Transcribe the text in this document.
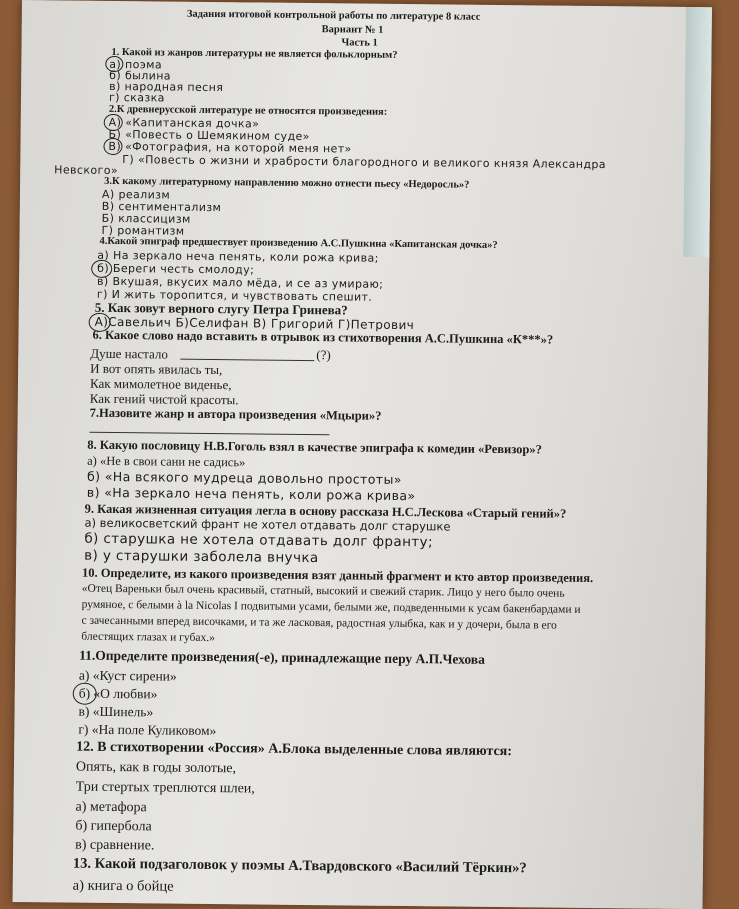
Задания итоговой контрольной работы по литературе 8 класс
Вариант № 1
Часть 1
1. Какой из жанров литературы не является фольклорным?
а) поэма
б) былина
в) народная песня
г) сказка
2.К древнерусской литературе не относятся произведения:
А) «Капитанская дочка»
Б) «Повесть о Шемякином суде»
В) «Фотография, на которой меня нет»
Г) «Повесть о жизни и храбрости благородного и великого князя Александра
Невского»
3.К какому литературному направлению можно отнести пьесу «Недоросль»?
А) реализм
В) сентиментализм
Б) классицизм
Г) романтизм
4.Какой эпиграф предшествует произведению А.С.Пушкина «Капитанская дочка»?
а) На зеркало неча пенять, коли рожа крива;
б) Береги честь смолоду;
в) Вкушая, вкусих мало мёда, и се аз умираю;
г) И жить торопится, и чувствовать спешит.
5. Как зовут верного слугу Петра Гринева?
А)Савельич Б)Селифан В) Григорий Г)Петрович
6. Какое слово надо вставить в отрывок из стихотворения А.С.Пушкина «К***»?
Душе настало	(?)
И вот опять явилась ты,
Как мимолетное виденье,
Как гений чистой красоты.
7.Назовите жанр и автора произведения «Мцыри»?
8. Какую пословицу Н.В.Гоголь взял в качестве эпиграфа к комедии «Ревизор»?
а) «Не в свои сани не садись»
б) «На всякого мудреца довольно простоты»
в) «На зеркало неча пенять, коли рожа крива»
9. Какая жизненная ситуация легла в основу рассказа Н.С.Лескова «Старый гений»?
а) великосветский франт не хотел отдавать долг старушке
б) старушка не хотела отдавать долг франту;
в) у старушки заболела внучка
10. Определите, из какого произведения взят данный фрагмент и кто автор произведения.
«Отец Вареньки был очень красивый, статный, высокий и свежий старик. Лицо у него было очень
румяное, с белыми à la Nicolas I подвитыми усами, белыми же, подведенными к усам бакенбардами и
с зачесанными вперед височками, и та же ласковая, радостная улыбка, как и у дочери, была в его
блестящих глазах и губах.»
11.Определите произведения(-е), принадлежащие перу А.П.Чехова
а) «Куст сирени»
б) «О любви»
в) «Шинель»
г) «На поле Куликовом»
12. В стихотворении «Россия» А.Блока выделенные слова являются:
Опять, как в годы золотые,
Три стертых треплются шлеи,
а) метафора
б) гипербола
в) сравнение.
13. Какой подзаголовок у поэмы А.Твардовского «Василий Тёркин»?
а) книга о бойце
